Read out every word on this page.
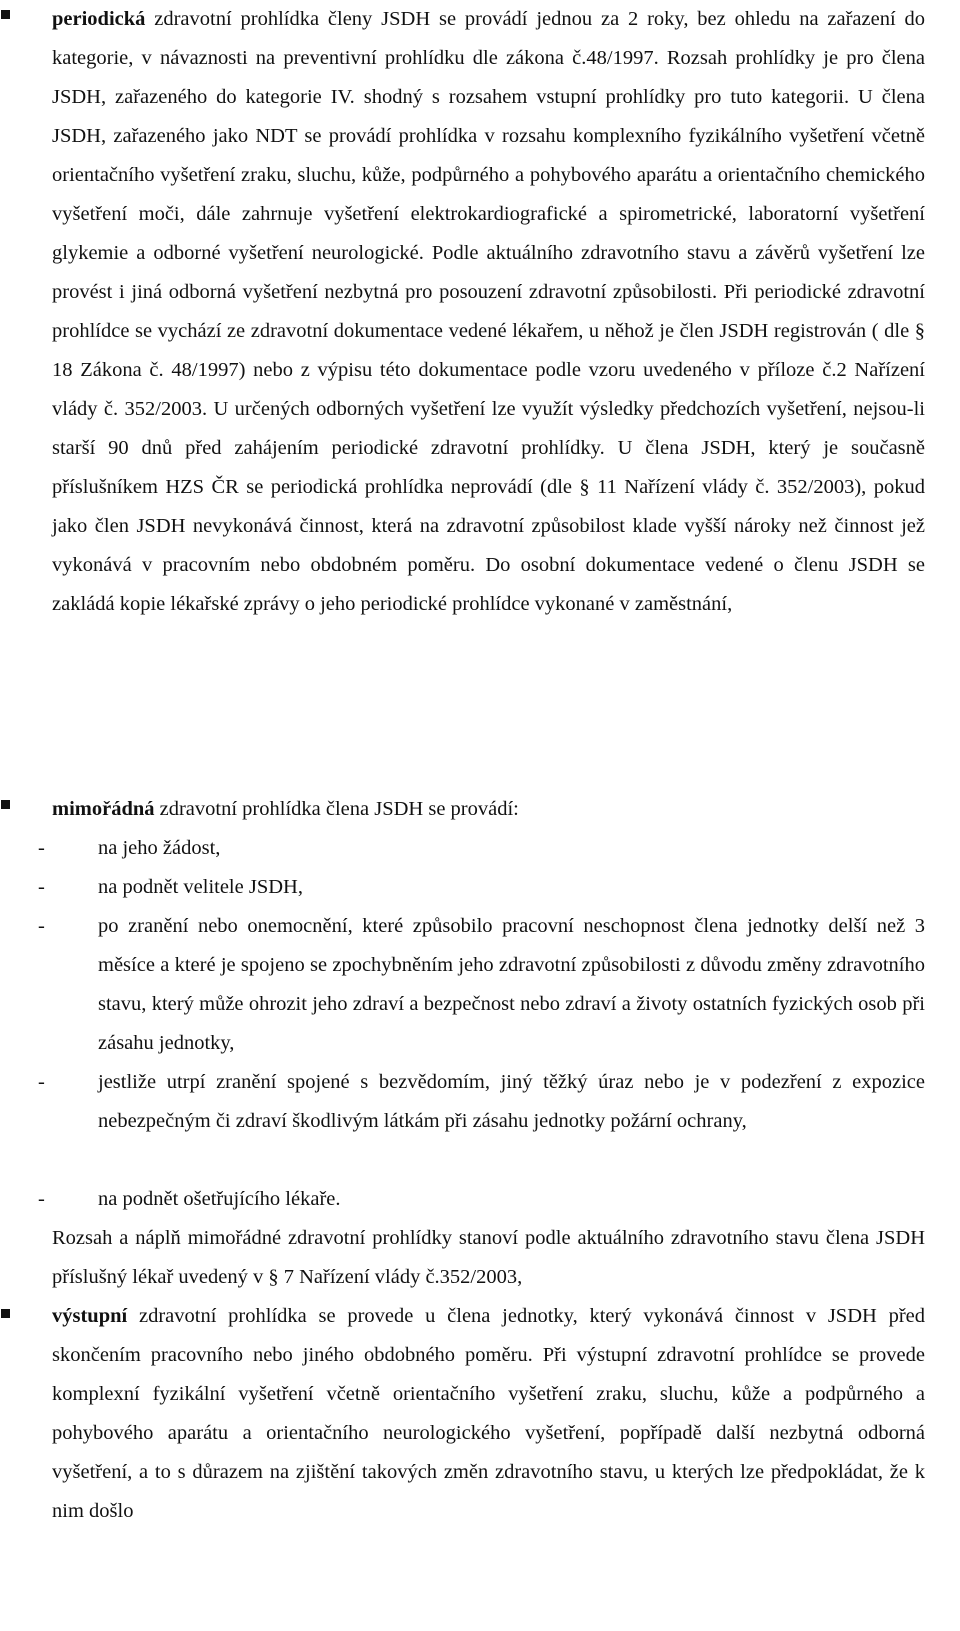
periodická zdravotní prohlídka členy JSDH se provádí jednou za 2 roky, bez ohledu na zařazení do kategorie, v návaznosti na preventivní prohlídku dle zákona č.48/1997. Rozsah prohlídky je pro člena JSDH, zařazeného do kategorie IV. shodný s rozsahem vstupní prohlídky pro tuto kategorii. U člena JSDH, zařazeného jako NDT se provádí prohlídka v rozsahu komplexního fyzikálního vyšetření včetně orientačního vyšetření zraku, sluchu, kůže, podpůrného a pohybového aparátu a orientačního chemického vyšetření moči, dále zahrnuje vyšetření elektrokardiografické a spirometrické, laboratorní vyšetření glykemie a odborné vyšetření neurologické. Podle aktuálního zdravotního stavu a závěrů vyšetření lze provést i jiná odborná vyšetření nezbytná pro posouzení zdravotní způsobilosti. Při periodické zdravotní prohlídce se vychází ze zdravotní dokumentace vedené lékařem, u něhož je člen JSDH registrován ( dle § 18 Zákona č. 48/1997) nebo z výpisu této dokumentace podle vzoru uvedeného v příloze č.2 Nařízení vlády č. 352/2003. U určených odborných vyšetření lze využít výsledky předchozích vyšetření, nejsou-li starší 90 dnů před zahájením periodické zdravotní prohlídky. U člena JSDH, který je současně příslušníkem HZS ČR se periodická prohlídka neprovádí (dle § 11 Nařízení vlády č. 352/2003), pokud jako člen JSDH nevykonává činnost, která na zdravotní způsobilost klade vyšší nároky než činnost jež vykonává v pracovním nebo obdobném poměru. Do osobní dokumentace vedené o členu JSDH se zakládá kopie lékařské zprávy o jeho periodické prohlídce vykonané v zaměstnání,

mimořádná zdravotní prohlídka člena JSDH se provádí:

-	na jeho žádost,

-	na podnět velitele JSDH,

-	po zranění nebo onemocnění, které způsobilo pracovní neschopnost člena jednotky delší než 3 měsíce a které je spojeno se zpochybněním jeho zdravotní způsobilosti z důvodu změny zdravotního stavu, který může ohrozit jeho zdraví a bezpečnost nebo zdraví a životy ostatních fyzických osob při zásahu jednotky,

-	jestliže utrpí zranění spojené s bezvědomím, jiný těžký úraz nebo je v podezření z expozice nebezpečným či zdraví škodlivým látkám při zásahu jednotky požární ochrany,

-	na podnět ošetřujícího lékaře.

Rozsah a náplň mimořádné zdravotní prohlídky stanoví podle aktuálního zdravotního stavu člena JSDH příslušný lékař uvedený v § 7 Nařízení vlády č.352/2003,

výstupní zdravotní prohlídka se provede u člena jednotky, který vykonává činnost v JSDH před skončením pracovního nebo jiného obdobného poměru. Při výstupní zdravotní prohlídce se provede komplexní fyzikální vyšetření včetně orientačního vyšetření zraku, sluchu, kůže a podpůrného a pohybového aparátu a orientačního neurologického vyšetření, popřípadě další nezbytná odborná vyšetření, a to s důrazem na zjištění takových změn zdravotního stavu, u kterých lze předpokládat, že k nim došlo
